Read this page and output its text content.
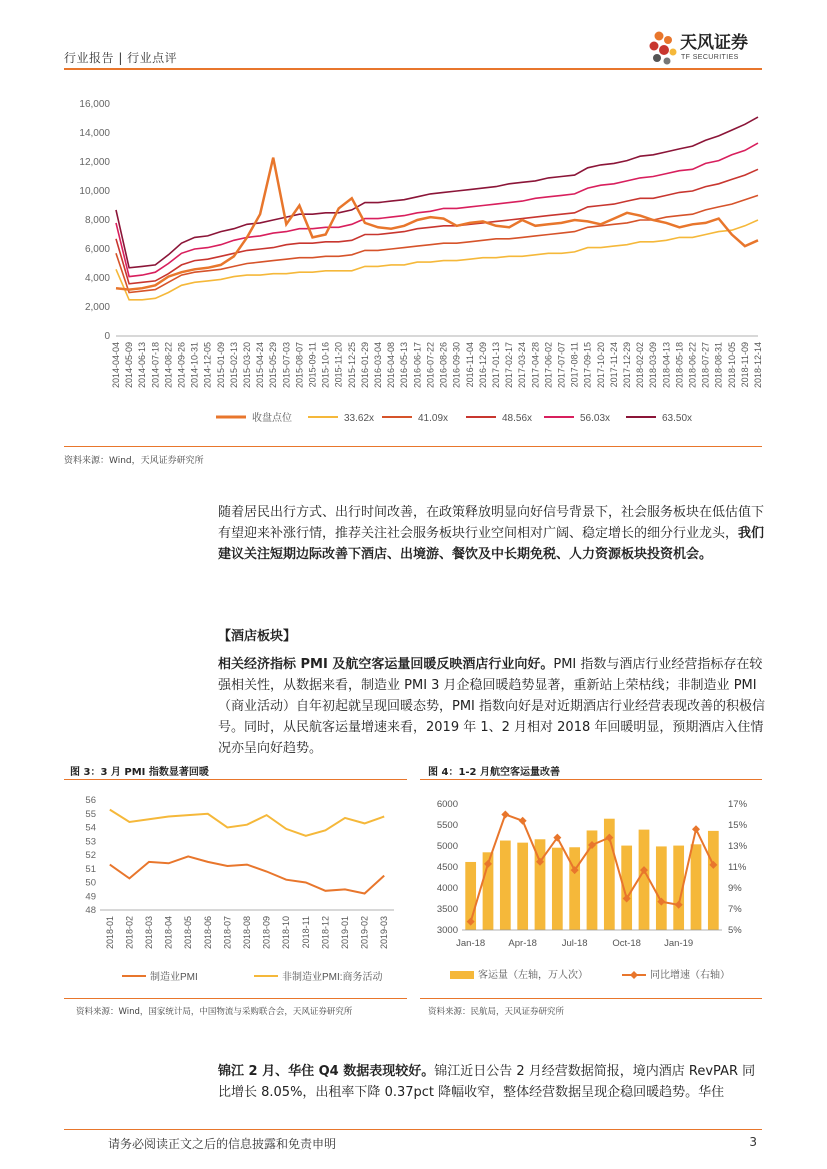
行业报告 | 行业点评
天风证券
TF SECURITIES
0
2,000
4,000
6,000
8,000
10,000
12,000
14,000
16,000
2014-04-04 2014-05-09 2014-06-13 2014-07-18 2014-08-22 2014-09-26 2014-10-31 2014-12-05 2015-01-09 2015-02-13 2015-03-20 2015-04-24 2015-05-29 2015-07-03 2015-08-07 2015-09-11 2015-10-16 2015-11-20 2015-12-25 2016-01-29 2016-03-04 2016-04-08 2016-05-13 2016-06-17 2016-07-22 2016-08-26 2016-09-30 2016-11-04 2016-12-09 2017-01-13 2017-02-17 2017-03-24 2017-04-28 2017-06-02 2017-07-07 2017-08-11 2017-09-15 2017-10-20 2017-11-24 2017-12-29 2018-02-02 2018-03-09 2018-04-13 2018-05-18 2018-06-22 2018-07-27 2018-08-31 2018-10-05 2018-11-09 2018-12-14
收盘点位	33.62x	41.09x	48.56x	56.03x	63.50x
资料来源：Wind，天风证券研究所
随着居民出行方式、出行时间改善，在政策释放明显向好信号背景下，社会服务板块在低估值下有望迎来补涨行情，推荐关注社会服务板块行业空间相对广阔、稳定增长的细分行业龙头，我们建议关注短期边际改善下酒店、出境游、餐饮及中长期免税、人力资源板块投资机会。
【酒店板块】
相关经济指标 PMI 及航空客运量回暖反映酒店行业向好。PMI 指数与酒店行业经营指标存在较强相关性，从数据来看，制造业 PMI 3 月企稳回暖趋势显著，重新站上荣枯线；非制造业 PMI（商业活动）自年初起就呈现回暖态势，PMI 指数向好是对近期酒店行业经营表现改善的积极信号。同时，从民航客运量增速来看，2019 年 1、2 月相对 2018 年回暖明显，预期酒店入住情况亦呈向好趋势。
图 3：3 月 PMI 指数显著回暖
48
49
50
51
52
53
54
55
56
2018-01 2018-02 2018-03 2018-04 2018-05 2018-06 2018-07 2018-08 2018-09 2018-10 2018-11 2018-12 2019-01 2019-02 2019-03
制造业PMI	非制造业PMI:商务活动
资料来源：Wind，国家统计局，中国物流与采购联合会，天风证券研究所
图 4：1-2 月航空客运量改善
3000
3500
4000
4500
5000
5500
6000
5%
7%
9%
11%
13%
15%
17%
Jan-18 Apr-18	Jul-18	Oct-18 Jan-19
客运量（左轴，万人次）	同比增速（右轴）
资料来源：民航局，天风证券研究所
锦江 2 月、华住 Q4 数据表现较好。锦江近日公告 2 月经营数据简报，境内酒店 RevPAR 同比增长 8.05%，出租率下降 0.37pct 降幅收窄，整体经营数据呈现企稳回暖趋势。华住
请务必阅读正文之后的信息披露和免责申明	3
